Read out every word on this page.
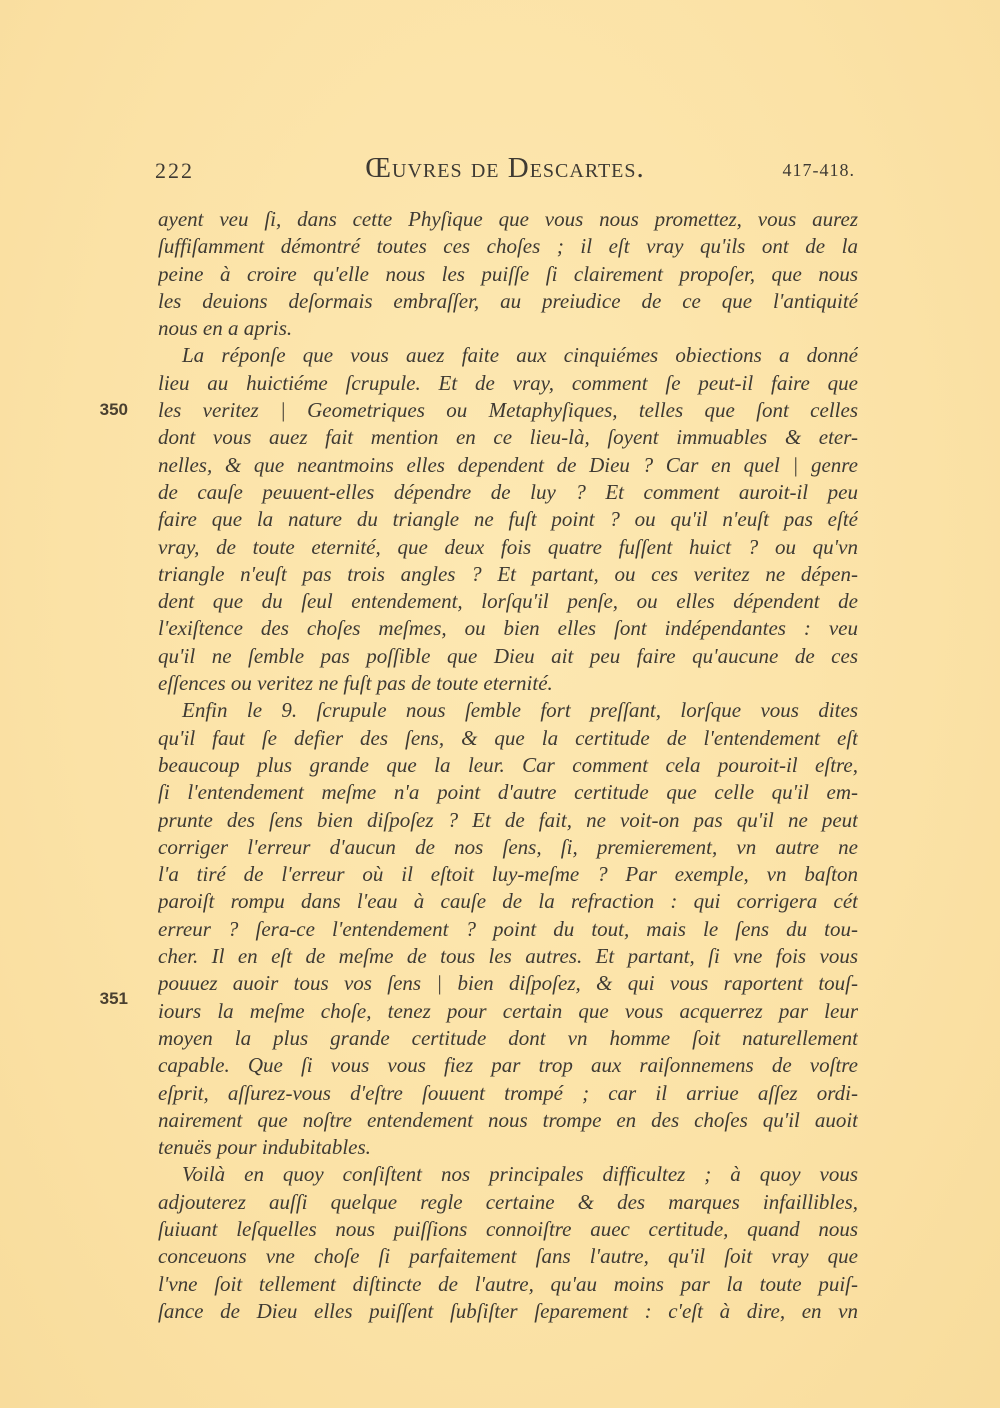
222	Œuvres de Descartes.	417-418.
350
351
ayent veu ſi, dans cette Phyſique que vous nous promettez, vous aurez
ſuffiſamment démontré toutes ces choſes ; il eſt vray qu'ils ont de la
peine à croire qu'elle nous les puiſſe ſi clairement propoſer, que nous
les deuions deſormais embraſſer, au preiudice de ce que l'antiquité
nous en a apris.
La réponſe que vous auez faite aux cinquiémes obiections a donné
lieu au huictiéme ſcrupule. Et de vray, comment ſe peut-il faire que
les veritez | Geometriques ou Metaphyſiques, telles que ſont celles
dont vous auez fait mention en ce lieu-là, ſoyent immuables & eter-
nelles, & que neantmoins elles dependent de Dieu ? Car en quel | genre
de cauſe peuuent-elles dépendre de luy ? Et comment auroit-il peu
faire que la nature du triangle ne fuſt point ? ou qu'il n'euſt pas eſté
vray, de toute eternité, que deux fois quatre fuſſent huict ? ou qu'vn
triangle n'euſt pas trois angles ? Et partant, ou ces veritez ne dépen-
dent que du ſeul entendement, lorſqu'il penſe, ou elles dépendent de
l'exiſtence des choſes meſmes, ou bien elles ſont indépendantes : veu
qu'il ne ſemble pas poſſible que Dieu ait peu faire qu'aucune de ces
eſſences ou veritez ne fuſt pas de toute eternité.
Enfin le 9. ſcrupule nous ſemble fort preſſant, lorſque vous dites
qu'il faut ſe defier des ſens, & que la certitude de l'entendement eſt
beaucoup plus grande que la leur. Car comment cela pouroit-il eſtre,
ſi l'entendement meſme n'a point d'autre certitude que celle qu'il em-
prunte des ſens bien diſpoſez ? Et de fait, ne voit-on pas qu'il ne peut
corriger l'erreur d'aucun de nos ſens, ſi, premierement, vn autre ne
l'a tiré de l'erreur où il eſtoit luy-meſme ? Par exemple, vn baſton
paroiſt rompu dans l'eau à cauſe de la refraction : qui corrigera cét
erreur ? ſera-ce l'entendement ? point du tout, mais le ſens du tou-
cher. Il en eſt de meſme de tous les autres. Et partant, ſi vne fois vous
pouuez auoir tous vos ſens | bien diſpoſez, & qui vous raportent touſ-
iours la meſme choſe, tenez pour certain que vous acquerrez par leur
moyen la plus grande certitude dont vn homme ſoit naturellement
capable. Que ſi vous vous fiez par trop aux raiſonnemens de voſtre
eſprit, aſſurez-vous d'eſtre ſouuent trompé ; car il arriue aſſez ordi-
nairement que noſtre entendement nous trompe en des choſes qu'il auoit
tenuës pour indubitables.
Voilà en quoy conſiſtent nos principales difficultez ; à quoy vous
adjouterez auſſi quelque regle certaine & des marques infaillibles,
ſuiuant leſquelles nous puiſſions connoiſtre auec certitude, quand nous
conceuons vne choſe ſi parfaitement ſans l'autre, qu'il ſoit vray que
l'vne ſoit tellement diſtincte de l'autre, qu'au moins par la toute puiſ-
ſance de Dieu elles puiſſent ſubſiſter ſeparement : c'eſt à dire, en vn
